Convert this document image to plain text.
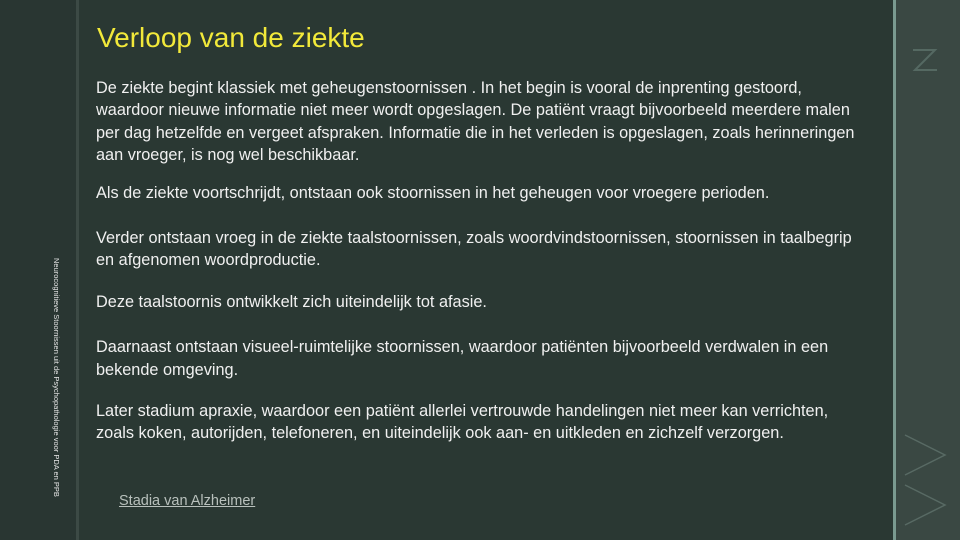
Neurocognitieve Stoornissen uit de Psychopathologie voor PDA en PPB
Verloop van de ziekte

De ziekte begint klassiek met geheugenstoornissen . In het begin is vooral de inprenting gestoord, waardoor nieuwe informatie niet meer wordt opgeslagen. De patiënt vraagt bijvoorbeeld meerdere malen per dag hetzelfde en vergeet afspraken. Informatie die in het verleden is opgeslagen, zoals herinneringen aan vroeger, is nog wel beschikbaar.

Als de ziekte voortschrijdt, ontstaan ook stoornissen in het geheugen voor vroegere perioden.

Verder ontstaan vroeg in de ziekte taalstoornissen, zoals woordvindstoornissen, stoornissen in taalbegrip en afgenomen woordproductie.

Deze taalstoornis ontwikkelt zich uiteindelijk tot afasie.

Daarnaast ontstaan visueel-ruimtelijke stoornissen, waardoor patiënten bijvoorbeeld verdwalen in een bekende omgeving.

Later stadium apraxie, waardoor een patiënt allerlei vertrouwde handelingen niet meer kan verrichten, zoals koken, autorijden, telefoneren, en uiteindelijk ook aan- en uitkleden en zichzelf verzorgen.

Stadia van Alzheimer
